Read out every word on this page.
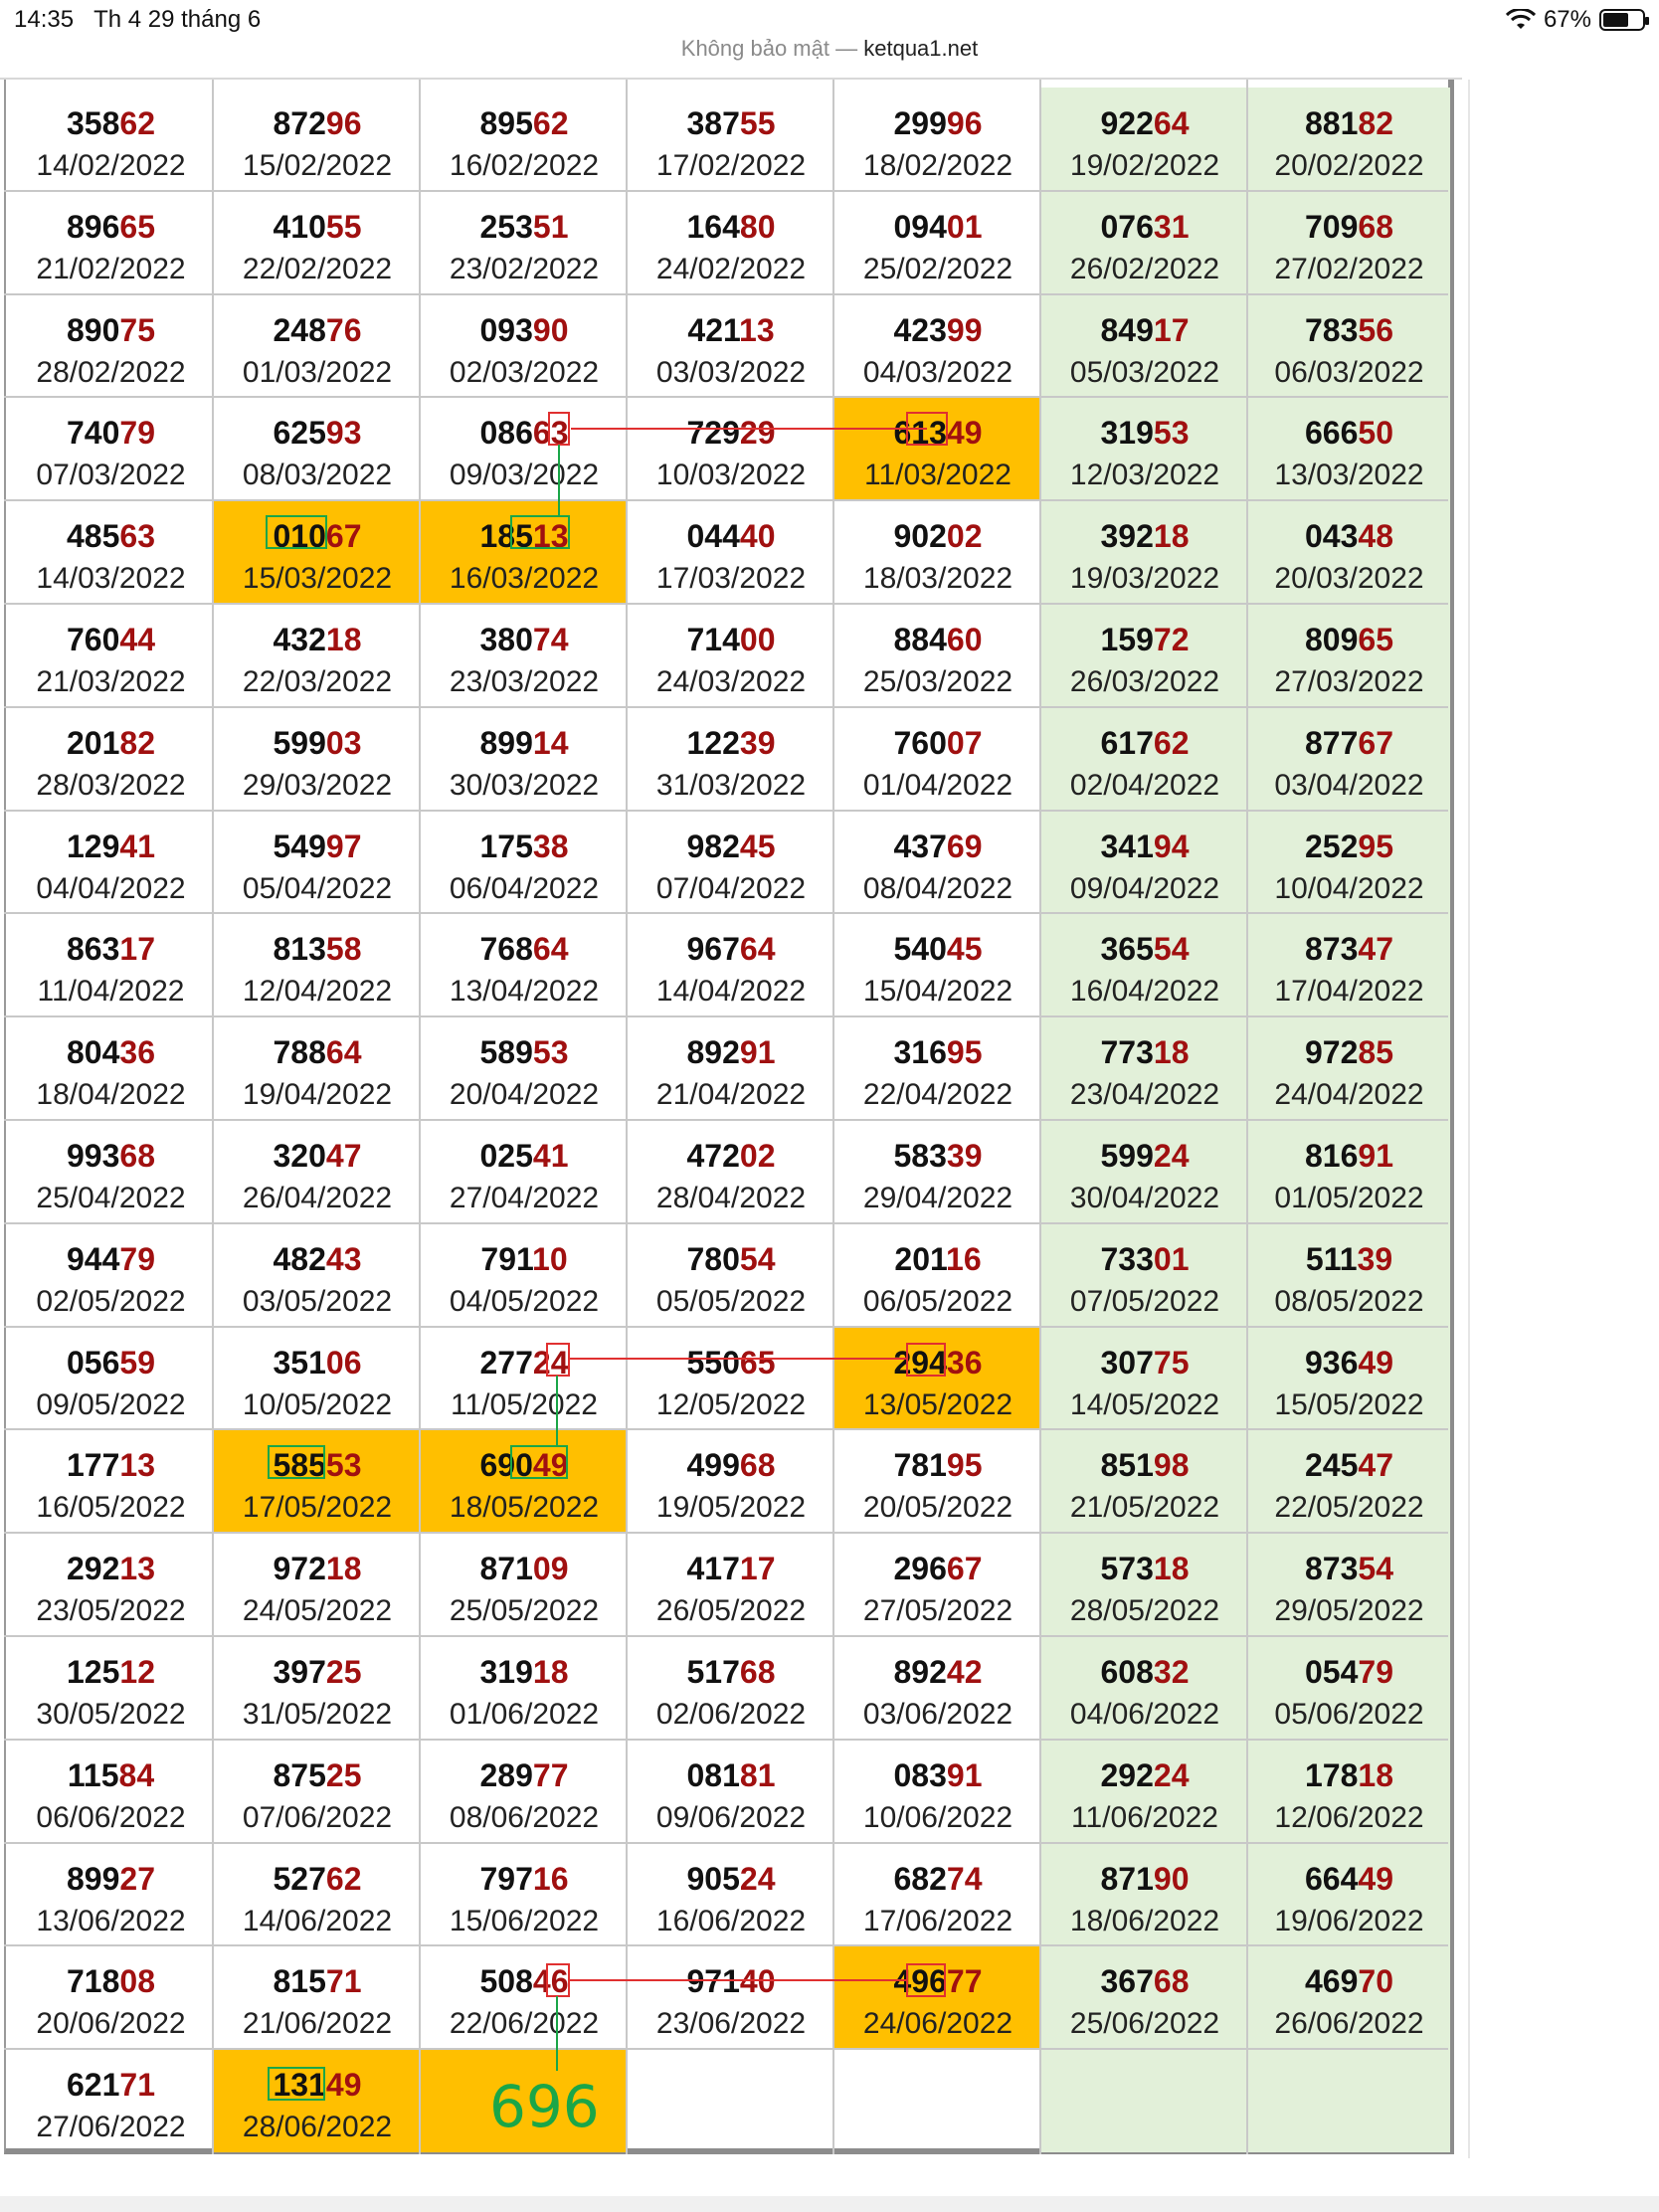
14:35 Th 4 29 tháng 6	67%
Không bảo mật — ketqua1.net
35862
14/02/2022
87296
15/02/2022
89562
16/02/2022
38755
17/02/2022
29996
18/02/2022
92264
19/02/2022
88182
20/02/2022
89665
21/02/2022
41055
22/02/2022
25351
23/02/2022
16480
24/02/2022
09401
25/02/2022
07631
26/02/2022
70968
27/02/2022
89075
28/02/2022
24876
01/03/2022
09390
02/03/2022
42113
03/03/2022
42399
04/03/2022
84917
05/03/2022
78356
06/03/2022
74079
07/03/2022
62593
08/03/2022
08663
09/03/2022
72929
10/03/2022
61349
11/03/2022
31953
12/03/2022
66650
13/03/2022
48563
14/03/2022
01067
15/03/2022
18513
16/03/2022
04440
17/03/2022
90202
18/03/2022
39218
19/03/2022
04348
20/03/2022
76044
21/03/2022
43218
22/03/2022
38074
23/03/2022
71400
24/03/2022
88460
25/03/2022
15972
26/03/2022
80965
27/03/2022
20182
28/03/2022
59903
29/03/2022
89914
30/03/2022
12239
31/03/2022
76007
01/04/2022
61762
02/04/2022
87767
03/04/2022
12941
04/04/2022
54997
05/04/2022
17538
06/04/2022
98245
07/04/2022
43769
08/04/2022
34194
09/04/2022
25295
10/04/2022
86317
11/04/2022
81358
12/04/2022
76864
13/04/2022
96764
14/04/2022
54045
15/04/2022
36554
16/04/2022
87347
17/04/2022
80436
18/04/2022
78864
19/04/2022
58953
20/04/2022
89291
21/04/2022
31695
22/04/2022
77318
23/04/2022
97285
24/04/2022
99368
25/04/2022
32047
26/04/2022
02541
27/04/2022
47202
28/04/2022
58339
29/04/2022
59924
30/04/2022
81691
01/05/2022
94479
02/05/2022
48243
03/05/2022
79110
04/05/2022
78054
05/05/2022
20116
06/05/2022
73301
07/05/2022
51139
08/05/2022
05659
09/05/2022
35106
10/05/2022
27724
11/05/2022
55065
12/05/2022
29436
13/05/2022
30775
14/05/2022
93649
15/05/2022
17713
16/05/2022
58553
17/05/2022
69049
18/05/2022
49968
19/05/2022
78195
20/05/2022
85198
21/05/2022
24547
22/05/2022
29213
23/05/2022
97218
24/05/2022
87109
25/05/2022
41717
26/05/2022
29667
27/05/2022
57318
28/05/2022
87354
29/05/2022
12512
30/05/2022
39725
31/05/2022
31918
01/06/2022
51768
02/06/2022
89242
03/06/2022
60832
04/06/2022
05479
05/06/2022
11584
06/06/2022
87525
07/06/2022
28977
08/06/2022
08181
09/06/2022
08391
10/06/2022
29224
11/06/2022
17818
12/06/2022
89927
13/06/2022
52762
14/06/2022
79716
15/06/2022
90524
16/06/2022
68274
17/06/2022
87190
18/06/2022
66449
19/06/2022
71808
20/06/2022
81571
21/06/2022
50846
22/06/2022
97140
23/06/2022
49677
24/06/2022
36768
25/06/2022
46970
26/06/2022
62171
27/06/2022
13149
28/06/2022	696
